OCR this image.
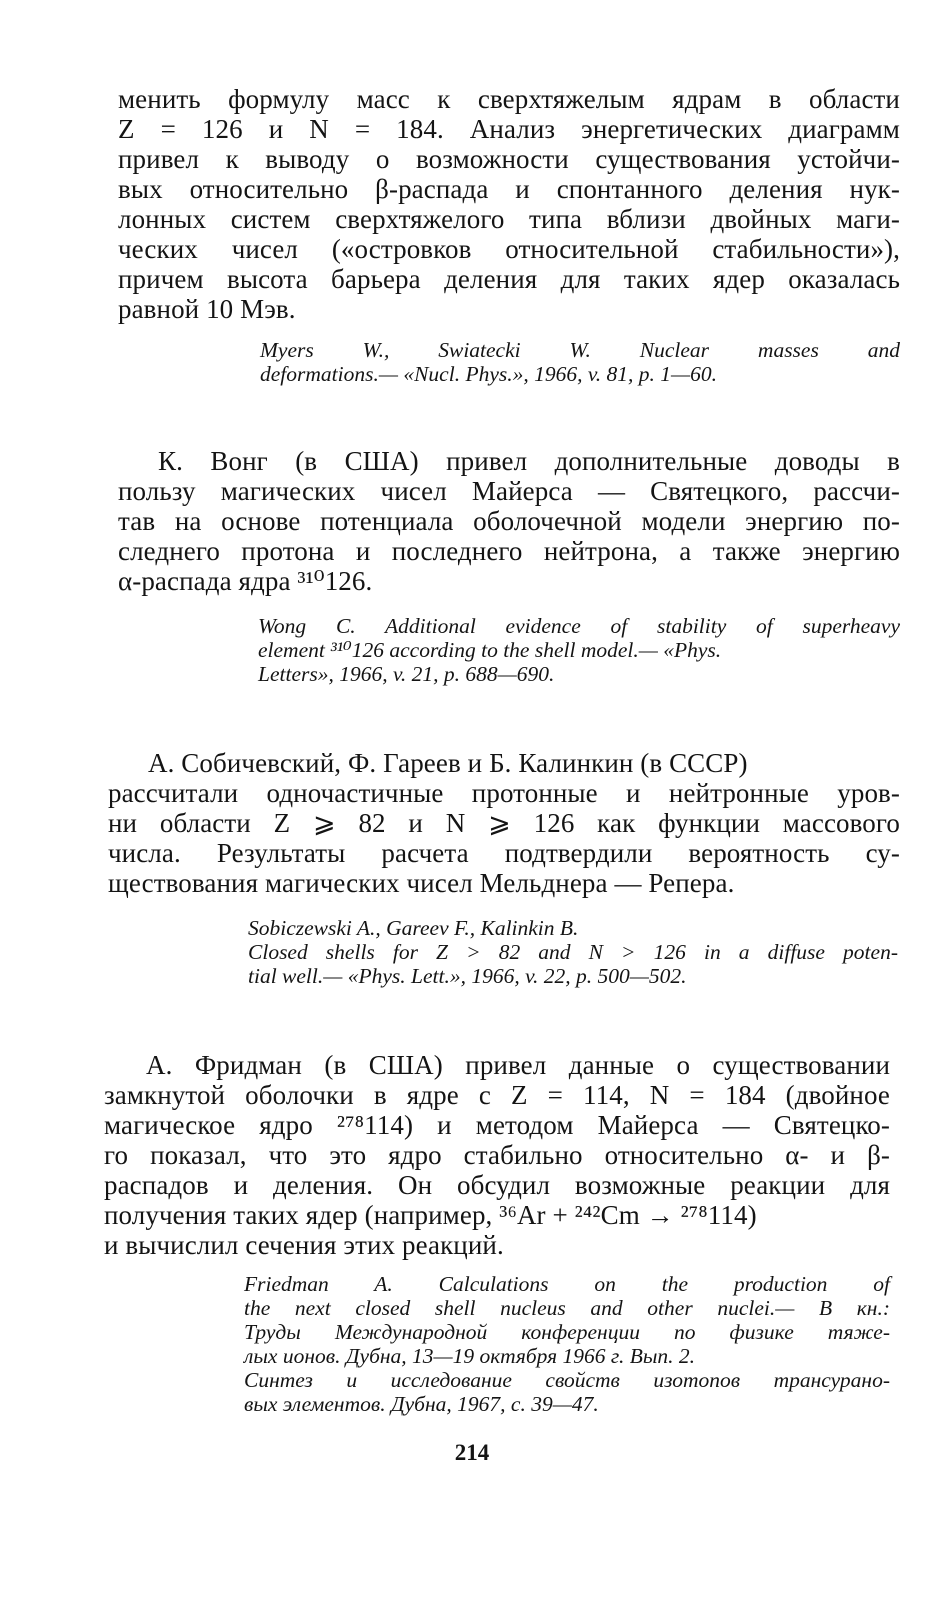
менить формулу масс к сверхтяжелым ядрам в области
Z = 126 и N = 184. Анализ энергетических диаграмм
привел к выводу о возможности существования устойчи-
вых относительно β-распада и спонтанного деления нук-
лонных систем сверхтяжелого типа вблизи двойных маги-
ческих чисел («островков относительной стабильности»),
причем высота барьера деления для таких ядер оказалась
равной 10 Мэв.
Myers W., Swiatecki W. Nuclear masses and
deformations.— «Nucl. Phys.», 1966, v. 81, p. 1—60.
К. Вонг (в США) привел дополнительные доводы в
пользу магических чисел Майерса — Святецкого, рассчи-
тав на основе потенциала оболочечной модели энергию по-
следнего протона и последнего нейтрона, а также энергию
α-распада ядра ³¹⁰126.
Wong C. Additional evidence of stability of superheavy
element ³¹⁰126 according to the shell model.— «Phys.
Letters», 1966, v. 21, p. 688—690.
А. Собичевский, Ф. Гареев и Б. Калинкин (в СССР)
рассчитали одночастичные протонные и нейтронные уров-
ни области Z ⩾ 82 и N ⩾ 126 как функции массового
числа. Результаты расчета подтвердили вероятность су-
ществования магических чисел Мельднера — Репера.
Sobiczewski A., Gareev F., Kalinkin B.
Closed shells for Z > 82 and N > 126 in a diffuse poten-
tial well.— «Phys. Lett.», 1966, v. 22, p. 500—502.
А. Фридман (в США) привел данные о существовании
замкнутой оболочки в ядре с Z = 114, N = 184 (двойное
магическое ядро ²⁷⁸114) и методом Майерса — Святецко-
го показал, что это ядро стабильно относительно α- и β-
распадов и деления. Он обсудил возможные реакции для
получения таких ядер (например, ³⁶Ar + ²⁴²Cm → ²⁷⁸114)
и вычислил сечения этих реакций.
Friedman A. Calculations on the production of
the next closed shell nucleus and other nuclei.— В кн.:
Труды Международной конференции по физике тяже-
лых ионов. Дубна, 13—19 октября 1966 г. Вып. 2.
Синтез и исследование свойств изотопов трансурано-
вых элементов. Дубна, 1967, с. 39—47.
214
